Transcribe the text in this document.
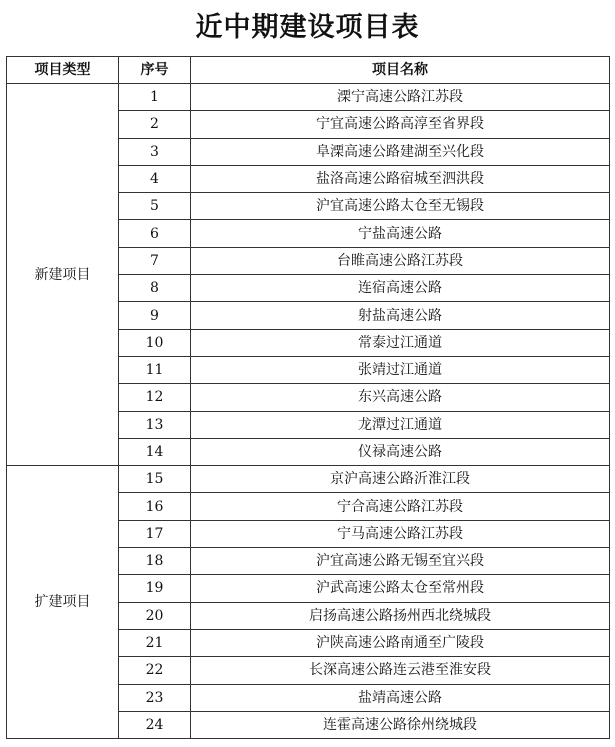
近中期建设项目表
项目类型	序号	项目名称
新建项目	1	溧宁高速公路江苏段
	2	宁宜高速公路高淳至省界段
	3	阜溧高速公路建湖至兴化段
	4	盐洛高速公路宿城至泗洪段
	5	沪宜高速公路太仓至无锡段
	6	宁盐高速公路
	7	台睢高速公路江苏段
	8	连宿高速公路
	9	射盐高速公路
	10	常泰过江通道
	11	张靖过江通道
	12	东兴高速公路
	13	龙潭过江通道
	14	仪禄高速公路
扩建项目	15	京沪高速公路沂淮江段
	16	宁合高速公路江苏段
	17	宁马高速公路江苏段
	18	沪宜高速公路无锡至宜兴段
	19	沪武高速公路太仓至常州段
	20	启扬高速公路扬州西北绕城段
	21	沪陕高速公路南通至广陵段
	22	长深高速公路连云港至淮安段
	23	盐靖高速公路
	24	连霍高速公路徐州绕城段
